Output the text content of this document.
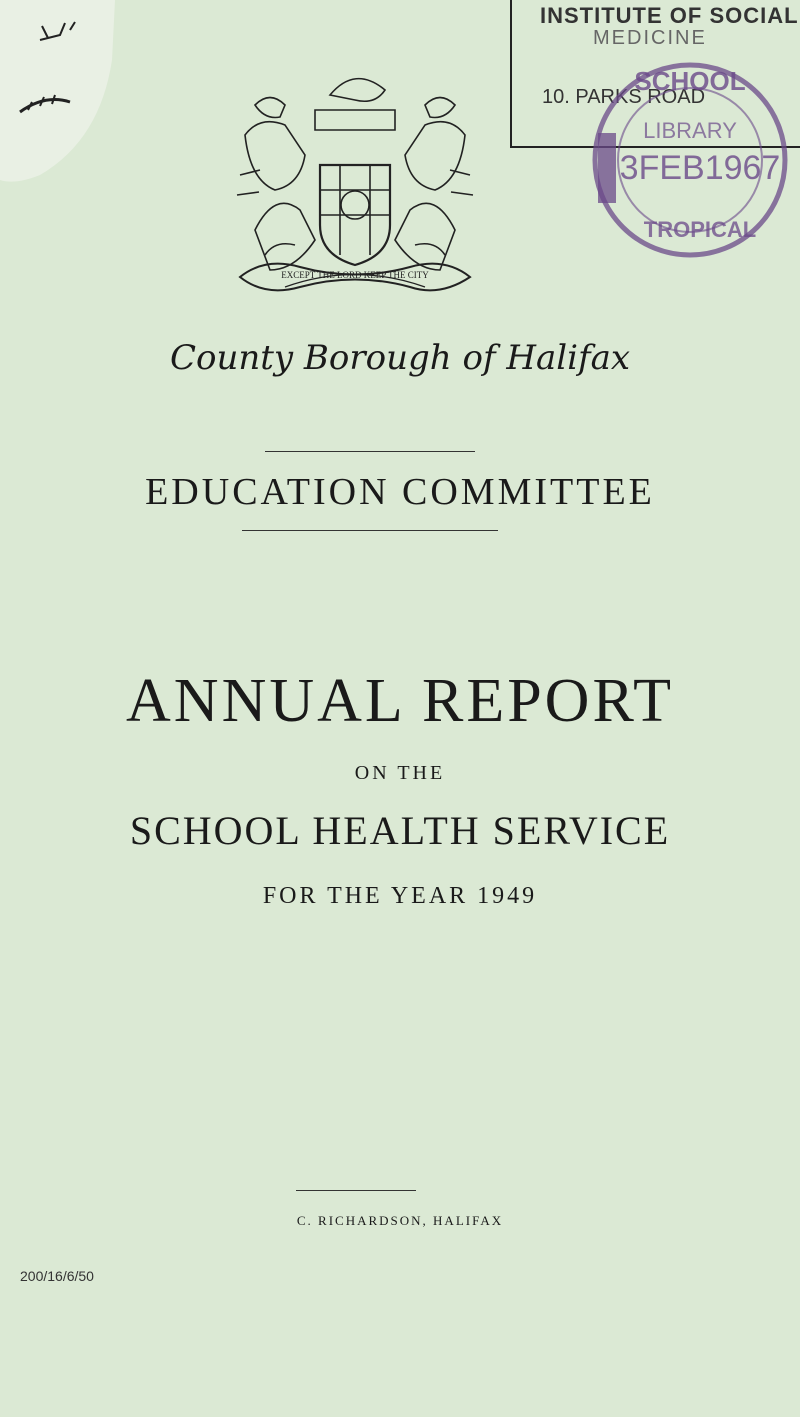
INSTITUTE OF SOCIAL
MEDICINE
10. PARKS ROAD
SCHOOL
LIBRARY
3FEB1967
TROPICAL
EXCEPT THE LORD KEEP THE CITY
County Borough of Halifax
EDUCATION COMMITTEE
ANNUAL REPORT
ON THE
SCHOOL HEALTH SERVICE
FOR THE YEAR 1949
C. RICHARDSON, HALIFAX
200/16/6/50
